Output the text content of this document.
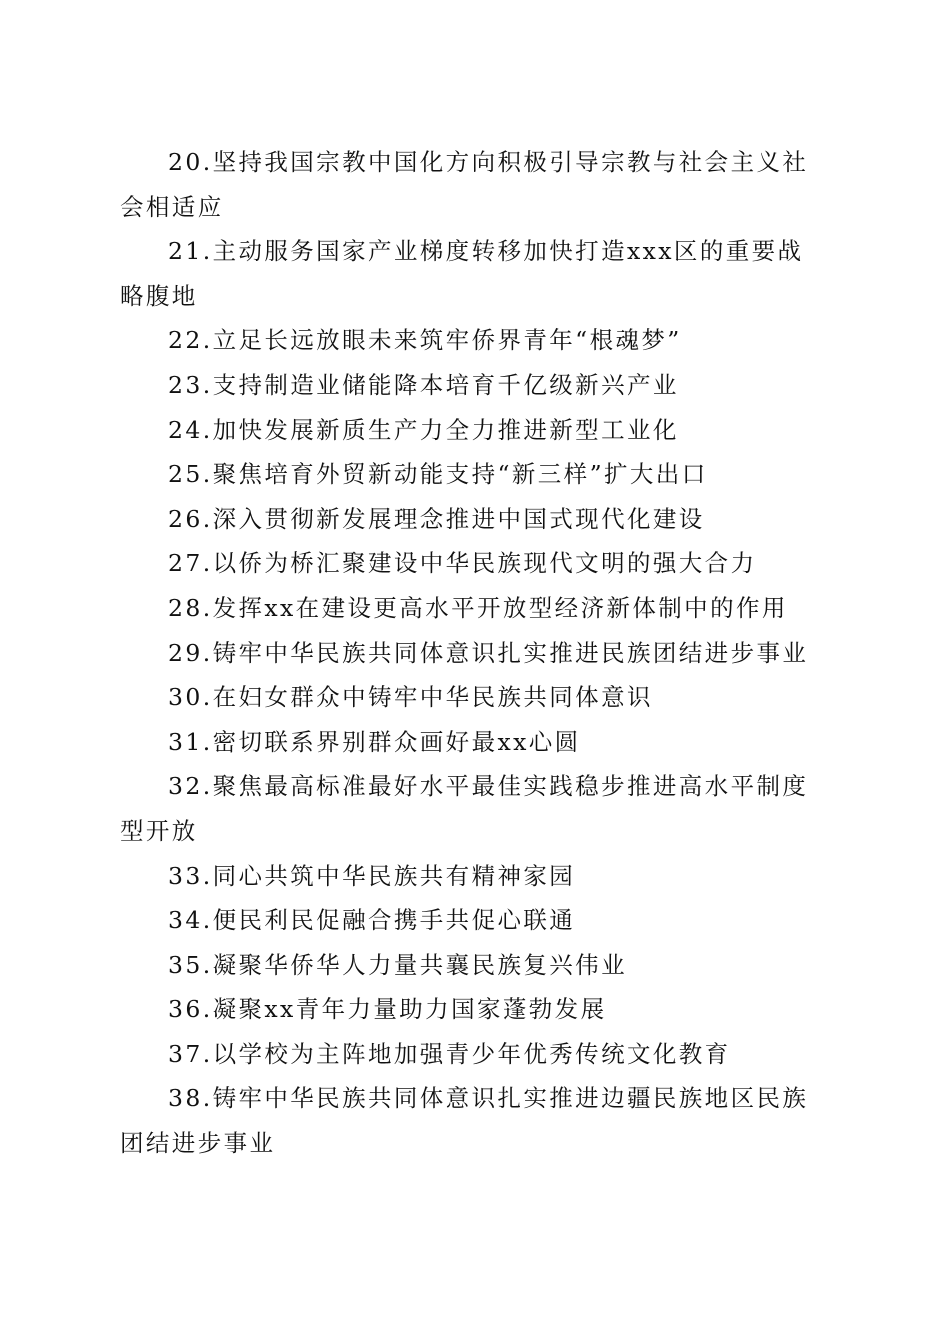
20.坚持我国宗教中国化方向积极引导宗教与社会主义社会相适应

21.主动服务国家产业梯度转移加快打造xxx区的重要战略腹地

22.立足长远放眼未来筑牢侨界青年“根魂梦”

23.支持制造业储能降本培育千亿级新兴产业

24.加快发展新质生产力全力推进新型工业化

25.聚焦培育外贸新动能支持“新三样”扩大出口

26.深入贯彻新发展理念推进中国式现代化建设

27.以侨为桥汇聚建设中华民族现代文明的强大合力

28.发挥xx在建设更高水平开放型经济新体制中的作用

29.铸牢中华民族共同体意识扎实推进民族团结进步事业

30.在妇女群众中铸牢中华民族共同体意识

31.密切联系界别群众画好最xx心圆

32.聚焦最高标准最好水平最佳实践稳步推进高水平制度型开放

33.同心共筑中华民族共有精神家园

34.便民利民促融合携手共促心联通

35.凝聚华侨华人力量共襄民族复兴伟业

36.凝聚xx青年力量助力国家蓬勃发展

37.以学校为主阵地加强青少年优秀传统文化教育

38.铸牢中华民族共同体意识扎实推进边疆民族地区民族团结进步事业
